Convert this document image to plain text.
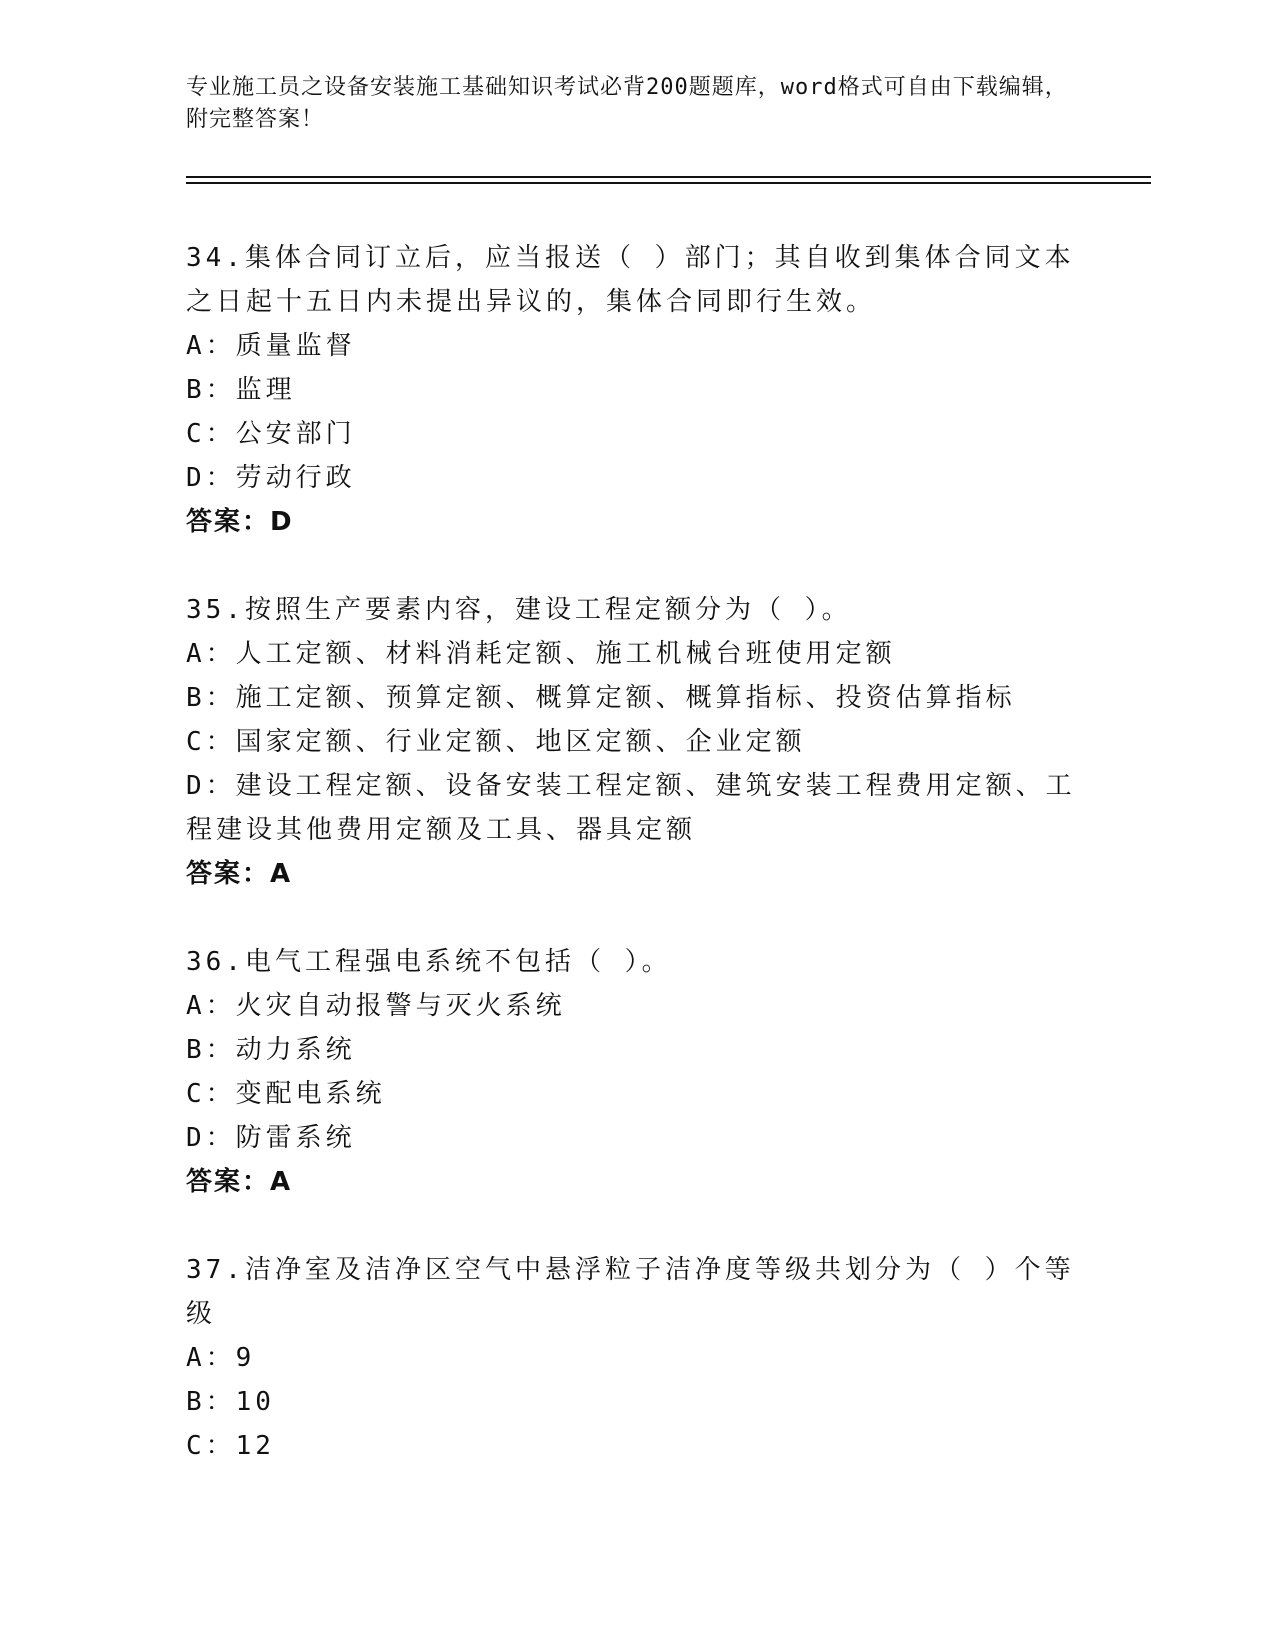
专业施工员之设备安装施工基础知识考试必背200题题库，word格式可自由下载编辑，附完整答案！

34.集体合同订立后，应当报送（ ）部门；其自收到集体合同文本之日起十五日内未提出异议的，集体合同即行生效。

A：质量监督
B：监理
C：公安部门
D：劳动行政
答案：D

35.按照生产要素内容，建设工程定额分为（ ）。

A：人工定额、材料消耗定额、施工机械台班使用定额
B：施工定额、预算定额、概算定额、概算指标、投资估算指标
C：国家定额、行业定额、地区定额、企业定额
D：建设工程定额、设备安装工程定额、建筑安装工程费用定额、工程建设其他费用定额及工具、器具定额
答案：A

36.电气工程强电系统不包括（ ）。

A：火灾自动报警与灭火系统
B：动力系统
C：变配电系统
D：防雷系统
答案：A

37.洁净室及洁净区空气中悬浮粒子洁净度等级共划分为（ ）个等级

A：9
B：10
C：12
